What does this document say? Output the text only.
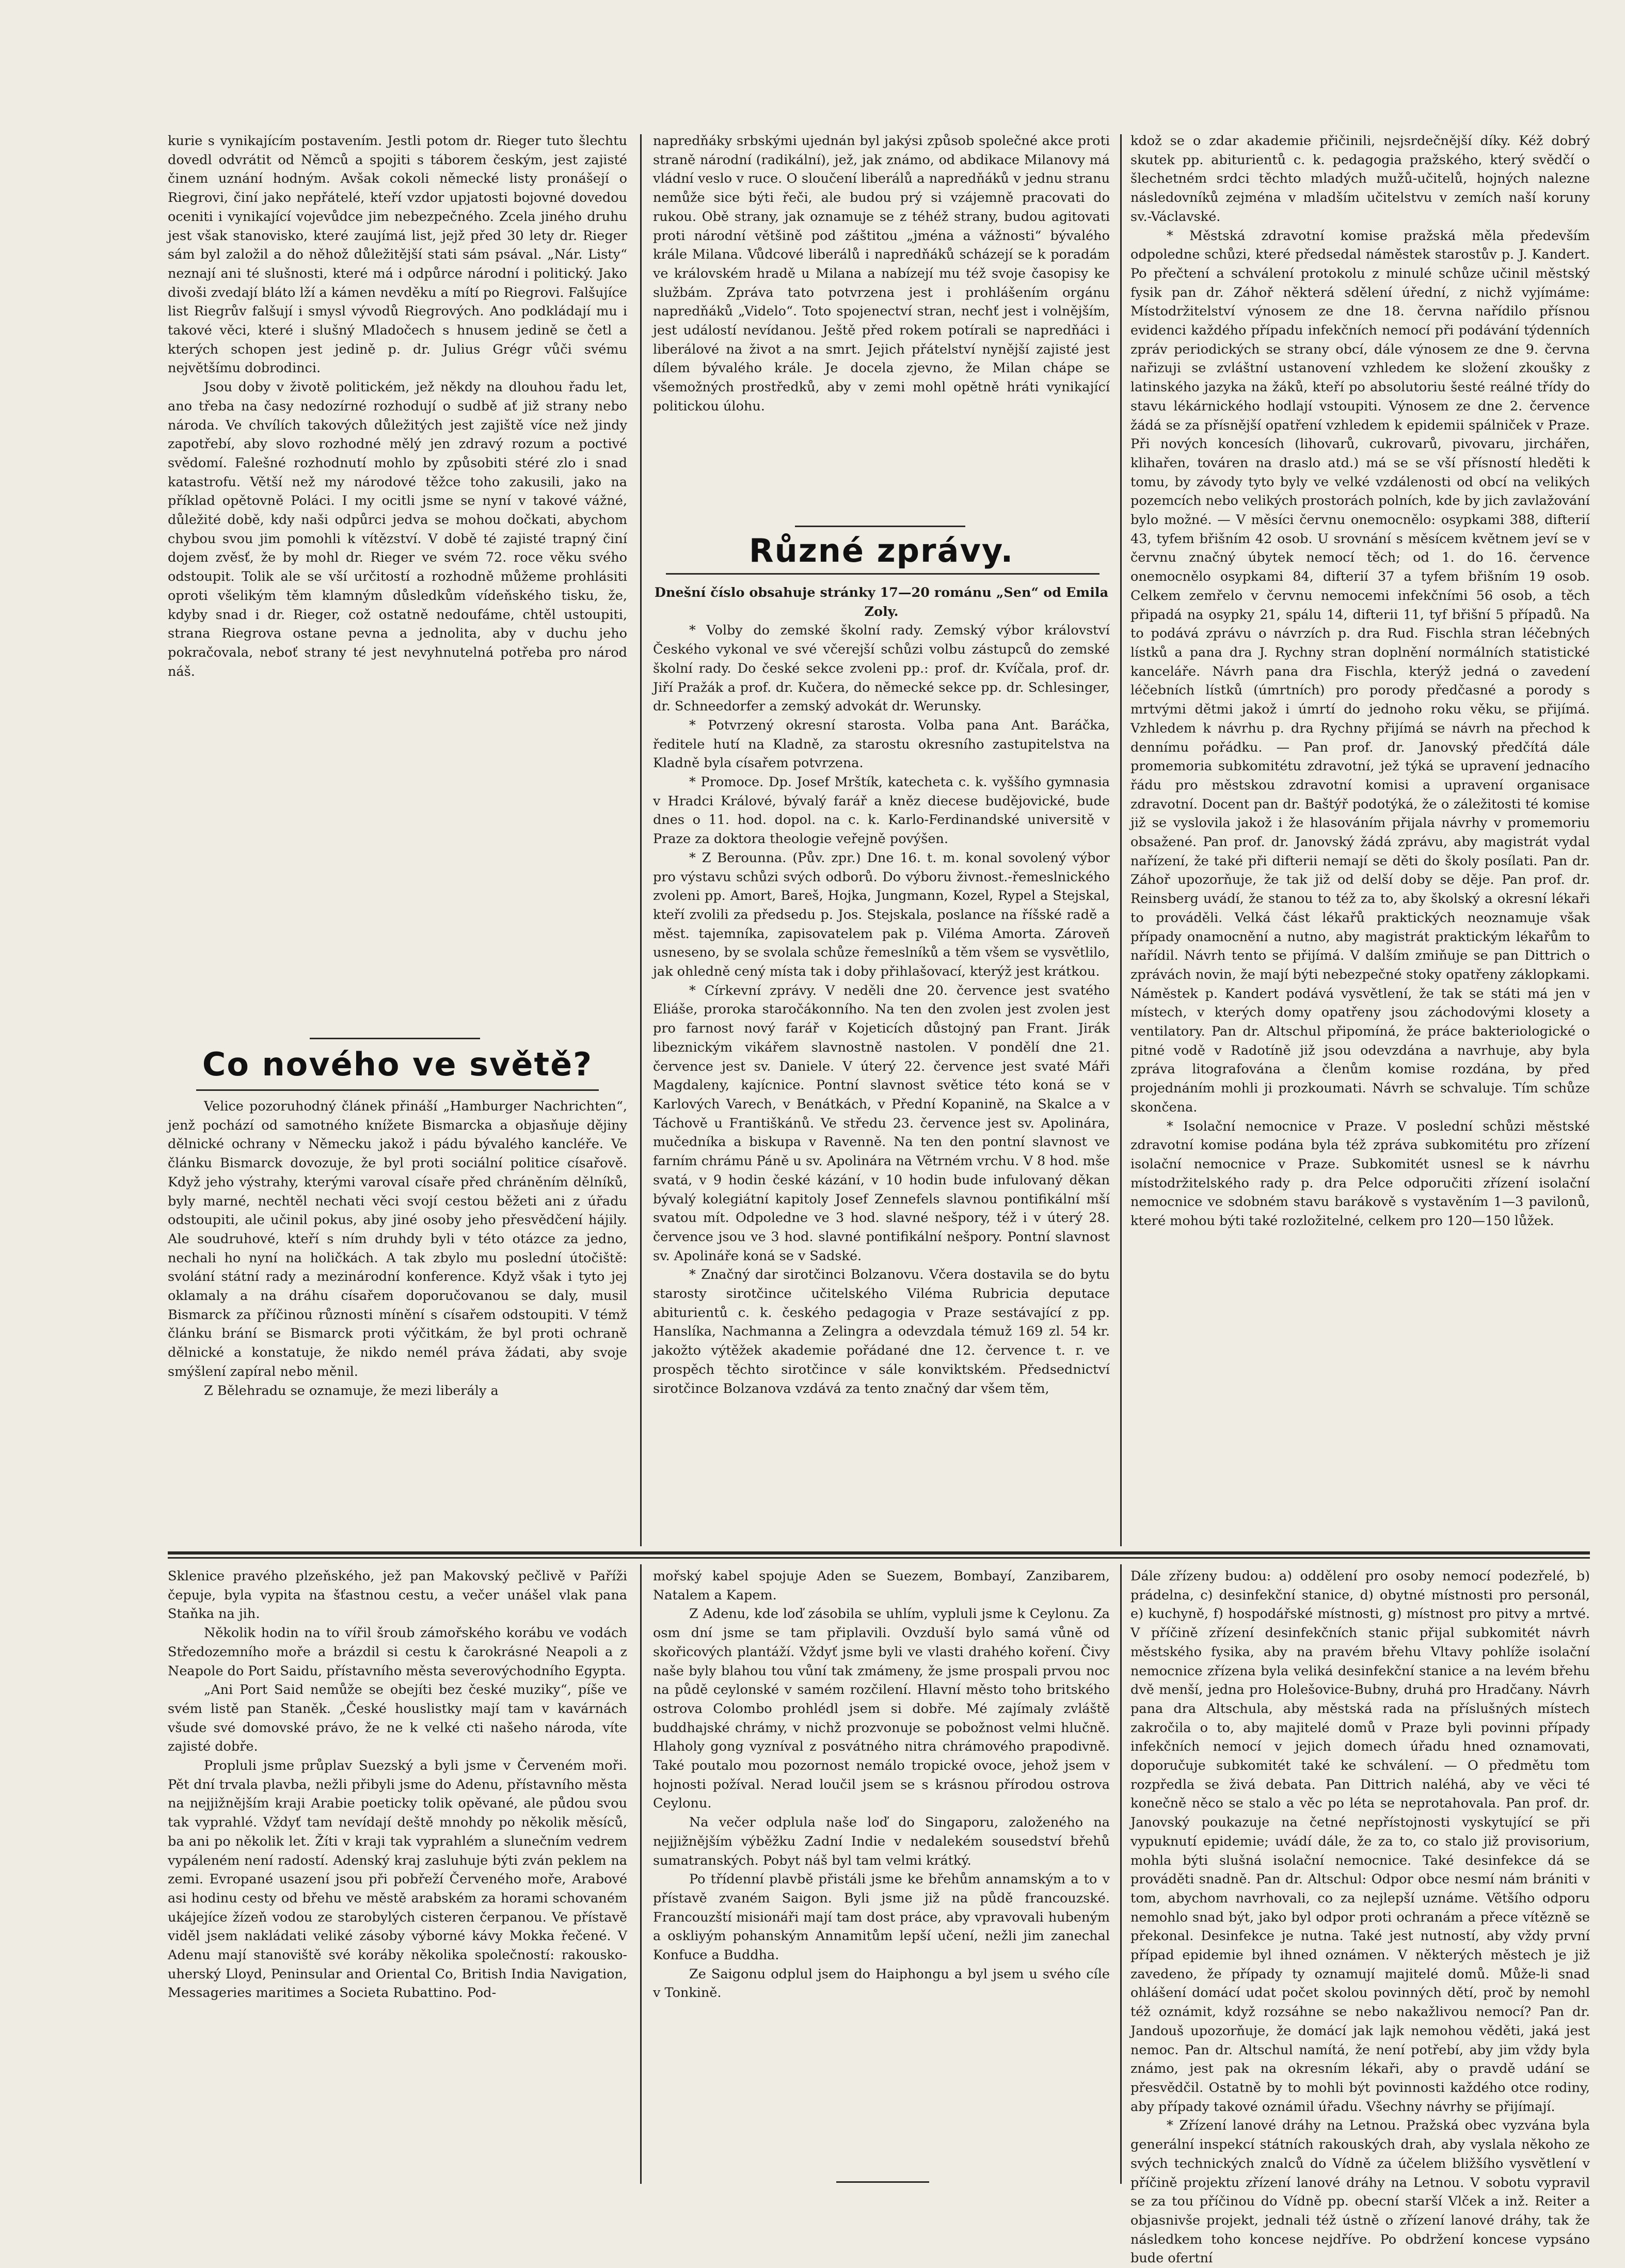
kurie s vynikajícím postavením. Jestli potom dr. Rieger tuto šlechtu dovedl odvrátit od Němců a spojiti s táborem českým, jest zajisté činem uznání hodným. Avšak cokoli německé listy pronášejí o Riegrovi, činí jako nepřátelé, kteří vzdor upjatosti bojovné dovedou oceniti i vynikající vojevůdce jim nebezpečného. Zcela jiného druhu jest však stanovisko, které zaujímá list, jejž před 30 lety dr. Rieger sám byl založil a do něhož důležitější stati sám psával. „Nár. Listy“ neznají ani té slušnosti, které má i odpůrce národní i politický. Jako divoši zvedají bláto lží a kámen nevděku a mítí po Riegrovi. Falšujíce list Riegrův falšují i smysl vývodů Riegrových. Ano podkládají mu i takové věci, které i slušný Mladočech s hnusem jedině se četl a kterých schopen jest jedině p. dr. Julius Grégr vůči svému největšímu dobrodinci.

Jsou doby v životě politickém, jež někdy na dlouhou řadu let, ano třeba na časy nedozírné rozhodují o sudbě ať již strany nebo národa. Ve chvílích takových důležitých jest zajiště více než jindy zapotřebí, aby slovo rozhodné mělý jen zdravý rozum a poctivé svědomí. Falešné rozhodnutí mohlo by způsobiti stéré zlo i snad katastrofu. Větší než my národové těžce toho zakusili, jako na příklad opětovně Poláci. I my ocitli jsme se nyní v takové vážné, důležité době, kdy naši odpůrci jedva se mohou dočkati, abychom chybou svou jim pomohli k vítězství. V době té zajisté trapný činí dojem zvěsť, že by mohl dr. Rieger ve svém 72. roce věku svého odstoupit. Tolik ale se vší určitostí a rozhodně můžeme prohlásiti oproti všelikým těm klamným důsledkům vídeňského tisku, že, kdyby snad i dr. Rieger, což ostatně nedoufáme, chtěl ustoupiti, strana Riegrova ostane pevna a jednolita, aby v duchu jeho pokračovala, neboť strany té jest nevyhnutelná potřeba pro národ náš.

Co nového ve světě?

Velice pozoruhodný článek přináší „Hamburger Nachrichten“, jenž pochází od samotného knížete Bismarcka a objasňuje dějiny dělnické ochrany v Německu jakož i pádu bývalého kancléře. Ve článku Bismarck dovozuje, že byl proti sociální politice císařově. Když jeho výstrahy, kterými varoval císaře před chráněním dělníků, byly marné, nechtěl nechati věci svojí cestou běžeti ani z úřadu odstoupiti, ale učinil pokus, aby jiné osoby jeho přesvědčení hájily. Ale soudruhové, kteří s ním druhdy byli v této otázce za jedno, nechali ho nyní na holičkách. A tak zbylo mu poslední útočiště: svolání státní rady a mezinárodní konference. Když však i tyto jej oklamaly a na dráhu císařem doporučovanou se daly, musil Bismarck za příčinou různosti mínění s císařem odstoupiti. V témž článku brání se Bismarck proti výčitkám, že byl proti ochraně dělnické a konstatuje, že nikdo nemél práva žádati, aby svoje smýšlení zapíral nebo měnil.

Z Bělehradu se oznamuje, že mezi liberály a

napredňáky srbskými ujednán byl jakýsi způsob společné akce proti straně národní (radikální), jež, jak známo, od abdikace Milanovy má vládní veslo v ruce. O sloučení liberálů a napredňáků v jednu stranu nemůže sice býti řeči, ale budou prý si vzájemně pracovati do rukou. Obě strany, jak oznamuje se z téhéž strany, budou agitovati proti národní většině pod záštitou „jména a vážnosti“ bývalého krále Milana. Vůdcové liberálů i napredňáků scházejí se k poradám ve královském hradě u Milana a nabízejí mu též svoje časopisy ke službám. Zpráva tato potvrzena jest i prohlášením orgánu napredňáků „Videlo“. Toto spojenectví stran, nechť jest i volnějším, jest událostí nevídanou. Ještě před rokem potírali se napredňáci i liberálové na život a na smrt. Jejich přátelství nynější zajisté jest dílem bývalého krále. Je docela zjevno, že Milan chápe se všemožných prostředků, aby v zemi mohl opětně hráti vynikající politickou úlohu.

Různé zprávy.

Dnešní číslo obsahuje stránky 17—20 románu „Sen“ od Emila Zoly.

* Volby do zemské školní rady. Zemský výbor království Českého vykonal ve své včerejší schůzi volbu zástupců do zemské školní rady. Do české sekce zvoleni pp.: prof. dr. Kvíčala, prof. dr. Jiří Pražák a prof. dr. Kučera, do německé sekce pp. dr. Schlesinger, dr. Schneedorfer a zemský advokát dr. Werunsky.

* Potvrzený okresní starosta. Volba pana Ant. Baráčka, ředitele hutí na Kladně, za starostu okresního zastupitelstva na Kladně byla císařem potvrzena.

* Promoce. Dp. Josef Mrštík, katecheta c. k. vyššího gymnasia v Hradci Králové, bývalý farář a kněz diecese budějovické, bude dnes o 11. hod. dopol. na c. k. Karlo-Ferdinandské universitě v Praze za doktora theologie veřejně povýšen.

* Z Berounna. (Pův. zpr.) Dne 16. t. m. konal sovolený výbor pro výstavu schůzi svých odborů. Do výboru živnost.-řemeslnického zvoleni pp. Amort, Bareš, Hojka, Jungmann, Kozel, Rypel a Stejskal, kteří zvolili za předsedu p. Jos. Stejskala, poslance na říšské radě a měst. tajemníka, zapisovatelem pak p. Viléma Amorta. Zároveň usneseno, by se svolala schůze řemeslníků a těm všem se vysvětlilo, jak ohledně cený místa tak i doby přihlašovací, kterýž jest krátkou.

* Církevní zprávy. V neděli dne 20. července jest svatého Eliáše, proroka staročákonního. Na ten den zvolen jest zvolen jest pro farnost nový farář v Kojeticích důstojný pan Frant. Jirák libeznickým vikářem slavnostně nastolen. V pondělí dne 21. července jest sv. Daniele. V úterý 22. července jest svaté Máři Magdaleny, kajícnice. Pontní slavnost světice této koná se v Karlových Varech, v Benátkách, v Přední Kopanině, na Skalce a v Táchově u Františkánů. Ve středu 23. července jest sv. Apolinára, mučedníka a biskupa v Ravenně. Na ten den pontní slavnost ve farním chrámu Páně u sv. Apolinára na Větrném vrchu. V 8 hod. mše svatá, v 9 hodin české kázání, v 10 hodin bude infulovaný děkan bývalý kolegiátní kapitoly Josef Zennefels slavnou pontifikální mší svatou mít. Odpoledne ve 3 hod. slavné nešpory, též i v úterý 28. července jsou ve 3 hod. slavné pontifikální nešpory. Pontní slavnost sv. Apolináře koná se v Sadské.

* Značný dar sirotčinci Bolzanovu. Včera dostavila se do bytu starosty sirotčince učitelského Viléma Rubricia deputace abiturientů c. k. českého pedagogia v Praze sestávající z pp. Hanslíka, Nachmanna a Zelingra a odevzdala témuž 169 zl. 54 kr. jakožto výtěžek akademie pořádané dne 12. července t. r. ve prospěch těchto sirotčince v sále konviktském. Předsednictví sirotčince Bolzanova vzdává za tento značný dar všem těm,

kdož se o zdar akademie přičinili, nejsrdečnější díky. Kéž dobrý skutek pp. abiturientů c. k. pedagogia pražského, který svědčí o šlechetném srdci těchto mladých mužů-učitelů, hojných nalezne následovníků zejména v mladším učitelstvu v zemích naší koruny sv.-Václavské.

* Městská zdravotní komise pražská měla především odpoledne schůzi, které předsedal náměstek starostův p. J. Kandert. Po přečtení a schválení protokolu z minulé schůze učinil městský fysik pan dr. Záhoř některá sdělení úřední, z nichž vyjímáme: Místodržitelství výnosem ze dne 18. června nařídilo přísnou evidenci každého případu infekčních nemocí při podávání týdenních zpráv periodických se strany obcí, dále výnosem ze dne 9. června nařizuji se zvláštní ustanovení vzhledem ke složení zkoušky z latinského jazyka na žáků, kteří po absolutoriu šesté reálné třídy do stavu lékárnického hodlají vstoupiti. Výnosem ze dne 2. července žádá se za přísnější opatření vzhledem k epidemii spálniček v Praze. Při nových koncesích (lihovarů, cukrovarů, pivovaru, jirchářen, klihařen, továren na draslo atd.) má se se vší přísností hleděti k tomu, by závody tyto byly ve velké vzdálenosti od obcí na velikých pozemcích nebo velikých prostorách polních, kde by jich zavlažování bylo možné. — V měsíci červnu onemocnělo: osypkami 388, difterií 43, tyfem břišním 42 osob. U srovnání s měsícem květnem jeví se v červnu značný úbytek nemocí těch; od 1. do 16. července onemocnělo osypkami 84, difterií 37 a tyfem břišním 19 osob. Celkem zemřelo v červnu nemocemi infekčními 56 osob, a těch připadá na osypky 21, spálu 14, difterii 11, tyf břišní 5 případů. Na to podává zprávu o návrzích p. dra Rud. Fischla stran léčebných lístků a pana dra J. Rychny stran doplnění normálních statistické kanceláře. Návrh pana dra Fischla, kterýž jedná o zavedení léčebních lístků (úmrtních) pro porody předčasné a porody s mrtvými dětmi jakož i úmrtí do jednoho roku věku, se přijímá. Vzhledem k návrhu p. dra Rychny přijímá se návrh na přechod k dennímu pořádku. — Pan prof. dr. Janovský předčítá dále promemoria subkomitétu zdravotní, jež týká se upravení jednacího řádu pro městskou zdravotní komisi a upravení organisace zdravotní. Docent pan dr. Baštýř podotýká, že o záležitosti té komise již se vyslovila jakož i že hlasováním přijala návrhy v promemoriu obsažené. Pan prof. dr. Janovský žádá zprávu, aby magistrát vydal nařízení, že také při difterii nemají se děti do školy posílati. Pan dr. Záhoř upozorňuje, že tak již od delší doby se děje. Pan prof. dr. Reinsberg uvádí, že stanou to též za to, aby školský a okresní lékaři to prováděli. Velká část lékařů praktických neoznamuje však případy onamocnění a nutno, aby magistrát praktickým lékařům to nařídil. Návrh tento se přijímá. V dalším zmiňuje se pan Dittrich o zprávách novin, že mají býti nebezpečné stoky opatřeny záklopkami. Náměstek p. Kandert podává vysvětlení, že tak se státi má jen v místech, v kterých domy opatřeny jsou záchodovými klosety a ventilatory. Pan dr. Altschul připomíná, že práce bakteriologické o pitné vodě v Radotíně již jsou odevzdána a navrhuje, aby byla zpráva litografována a členům komise rozdána, by před projednáním mohli ji prozkoumati. Návrh se schvaluje. Tím schůze skončena.

* Isolační nemocnice v Praze. V poslední schůzi městské zdravotní komise podána byla též zpráva subkomitétu pro zřízení isolační nemocnice v Praze. Subkomitét usnesl se k návrhu místodržitelského rady p. dra Pelce odporučiti zřízení isolační nemocnice ve sdobném stavu barákově s vystavěním 1—3 pavilonů, které mohou býti také rozložitelné, celkem pro 120—150 lůžek.

Sklenice pravého plzeňského, jež pan Makovský pečlivě v Paříži čepuje, byla vypita na šťastnou cestu, a večer unášel vlak pana Staňka na jih.

Několik hodin na to vířil šroub zámořského korábu ve vodách Středozemního moře a brázdil si cestu k čarokrásné Neapoli a z Neapole do Port Saidu, přístavního města severovýchodního Egypta.

„Ani Port Said nemůže se obejíti bez české muziky“, píše ve svém listě pan Staněk. „České houslistky mají tam v kavárnách všude své domovské právo, že ne k velké cti našeho národa, víte zajisté dobře.

Propluli jsme průplav Suezský a byli jsme v Červeném moři. Pět dní trvala plavba, nežli přibyli jsme do Adenu, přístavního města na nejjižnějším kraji Arabie poeticky tolik opěvané, ale půdou svou tak vyprahlé. Vždyť tam nevídají deště mnohdy po několik měsíců, ba ani po několik let. Žíti v kraji tak vyprahlém a slunečním vedrem vypáleném není radostí. Adenský kraj zasluhuje býti zván peklem na zemi. Evropané usazení jsou při pobřeží Červeného moře, Arabové asi hodinu cesty od břehu ve městě arabském za horami schovaném ukájejíce žízeň vodou ze starobylých cisteren čerpanou. Ve přístavě viděl jsem nakládati veliké zásoby výborné kávy Mokka řečené. V Adenu mají stanoviště své koráby několika společností: rakousko-uherský Lloyd, Peninsular and Oriental Co, British India Navigation, Messageries maritimes a Societa Rubattino. Pod-

mořský kabel spojuje Aden se Suezem, Bombayí, Zanzibarem, Natalem a Kapem.

Z Adenu, kde loď zásobila se uhlím, vypluli jsme k Ceylonu. Za osm dní jsme se tam připlavili. Ovzduší bylo samá vůně od skořicových plantáží. Vždyť jsme byli ve vlasti drahého koření. Čivy naše byly blahou tou vůní tak zmámeny, že jsme prospali prvou noc na půdě ceylonské v samém rozčilení. Hlavní město toho britského ostrova Colombo prohlédl jsem si dobře. Mé zajímaly zvláště buddhajské chrámy, v nichž prozvonuje se pobožnost velmi hlučně. Hlaholy gong vyzníval z posvátného nitra chrámového prapodivně. Také poutalo mou pozornost nemálo tropické ovoce, jehož jsem v hojnosti požíval. Nerad loučil jsem se s krásnou přírodou ostrova Ceylonu.

Na večer odplula naše loď do Singaporu, založeného na nejjižnějším výběžku Zadní Indie v nedalekém sousedství břehů sumatranských. Pobyt náš byl tam velmi krátký.

Po třídenní plavbě přistáli jsme ke břehům annamským a to v přístavě zvaném Saigon. Byli jsme již na půdě francouzské. Francouzští misionáři mají tam dost práce, aby vpravovali hubeným a oskliyým pohanským Annamitům lepší učení, nežli jim zanechal Konfuce a Buddha.

Ze Saigonu odplul jsem do Haiphongu a byl jsem u svého cíle v Tonkině.

Dále zřízeny budou: a) oddělení pro osoby nemocí podezřelé, b) prádelna, c) desinfekční stanice, d) obytné místnosti pro personál, e) kuchyně, f) hospodářské místnosti, g) místnost pro pitvy a mrtvé. V příčině zřízení desinfekčních stanic přijal subkomitét návrh městského fysika, aby na pravém břehu Vltavy pohlíže isolační nemocnice zřízena byla veliká desinfekční stanice a na levém břehu dvě menší, jedna pro Holešovice-Bubny, druhá pro Hradčany. Návrh pana dra Altschula, aby městská rada na příslušných místech zakročila o to, aby majitelé domů v Praze byli povinni případy infekčních nemocí v jejich domech úřadu hned oznamovati, doporučuje subkomitét také ke schválení. — O předmětu tom rozpředla se živá debata. Pan Dittrich naléhá, aby ve věci té konečně něco se stalo a věc po léta se neprotahovala. Pan prof. dr. Janovský poukazuje na četné nepřístojnosti vyskytující se při vypuknutí epidemie; uvádí dále, že za to, co stalo již provisorium, mohla býti slušná isolační nemocnice. Také desinfekce dá se prováděti snadně. Pan dr. Altschul: Odpor obce nesmí nám brániti v tom, abychom navrhovali, co za nejlepší uznáme. Většího odporu nemohlo snad být, jako byl odpor proti ochranám a přece vítězně se překonal. Desinfekce je nutna. Také jest nutností, aby vždy první případ epidemie byl ihned oznámen. V některých městech je již zavedeno, že případy ty oznamují majitelé domů. Může-li snad ohlášení domácí udat počet skolou povinných dětí, proč by nemohl též oznámit, když rozsáhne se nebo nakažlivou nemocí? Pan dr. Jandouš upozorňuje, že domácí jak lajk nemohou věděti, jaká jest nemoc. Pan dr. Altschul namítá, že není potřebí, aby jim vždy byla známo, jest pak na okresním lékaři, aby o pravdě udání se přesvědčil. Ostatně by to mohli být povinnosti každého otce rodiny, aby případy takové oznámil úřadu. Všechny návrhy se přijímají.

* Zřízení lanové dráhy na Letnou. Pražská obec vyzvána byla generální inspekcí státních rakouských drah, aby vyslala někoho ze svých technických znalců do Vídně za účelem bližšího vysvětlení v příčině projektu zřízení lanové dráhy na Letnou. V sobotu vypravil se za tou příčinou do Vídně pp. obecní starší Vlček a inž. Reiter a objasnivše projekt, jednali též ústně o zřízení lanové dráhy, tak že následkem toho koncese nejdříve. Po obdržení koncese vypsáno bude ofertní
